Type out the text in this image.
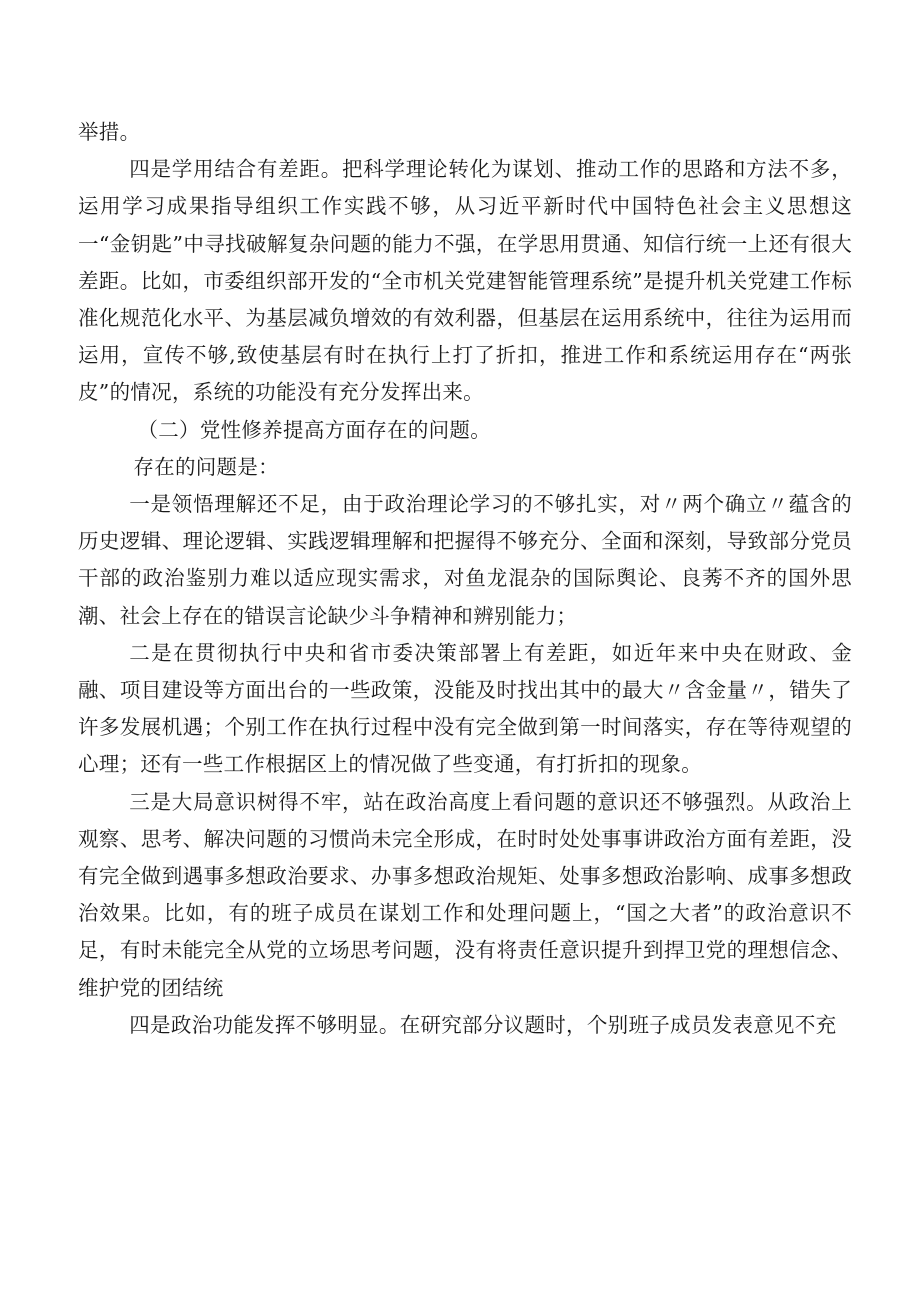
举措。

四是学用结合有差距。把科学理论转化为谋划、推动工作的思路和方法不多，运用学习成果指导组织工作实践不够，从习近平新时代中国特色社会主义思想这一“金钥匙”中寻找破解复杂问题的能力不强，在学思用贯通、知信行统一上还有很大差距。比如，市委组织部开发的“全市机关党建智能管理系统”是提升机关党建工作标准化规范化水平、为基层减负增效的有效利器，但基层在运用系统中，往往为运用而运用，宣传不够,致使基层有时在执行上打了折扣，推进工作和系统运用存在“两张皮”的情况，系统的功能没有充分发挥出来。

（二）党性修养提高方面存在的问题。

存在的问题是：

一是领悟理解还不足，由于政治理论学习的不够扎实，对〃两个确立〃蕴含的历史逻辑、理论逻辑、实践逻辑理解和把握得不够充分、全面和深刻，导致部分党员干部的政治鉴别力难以适应现实需求，对鱼龙混杂的国际舆论、良莠不齐的国外思潮、社会上存在的错误言论缺少斗争精神和辨别能力；

二是在贯彻执行中央和省市委决策部署上有差距，如近年来中央在财政、金融、项目建设等方面出台的一些政策，没能及时找出其中的最大〃含金量〃，错失了许多发展机遇；个别工作在执行过程中没有完全做到第一时间落实，存在等待观望的心理；还有一些工作根据区上的情况做了些变通，有打折扣的现象。

三是大局意识树得不牢，站在政治高度上看问题的意识还不够强烈。从政治上观察、思考、解决问题的习惯尚未完全形成，在时时处处事事讲政治方面有差距，没有完全做到遇事多想政治要求、办事多想政治规矩、处事多想政治影响、成事多想政治效果。比如，有的班子成员在谋划工作和处理问题上，“国之大者”的政治意识不足，有时未能完全从党的立场思考问题，没有将责任意识提升到捍卫党的理想信念、维护党的团结统

四是政治功能发挥不够明显。在研究部分议题时，个别班子成员发表意见不充
